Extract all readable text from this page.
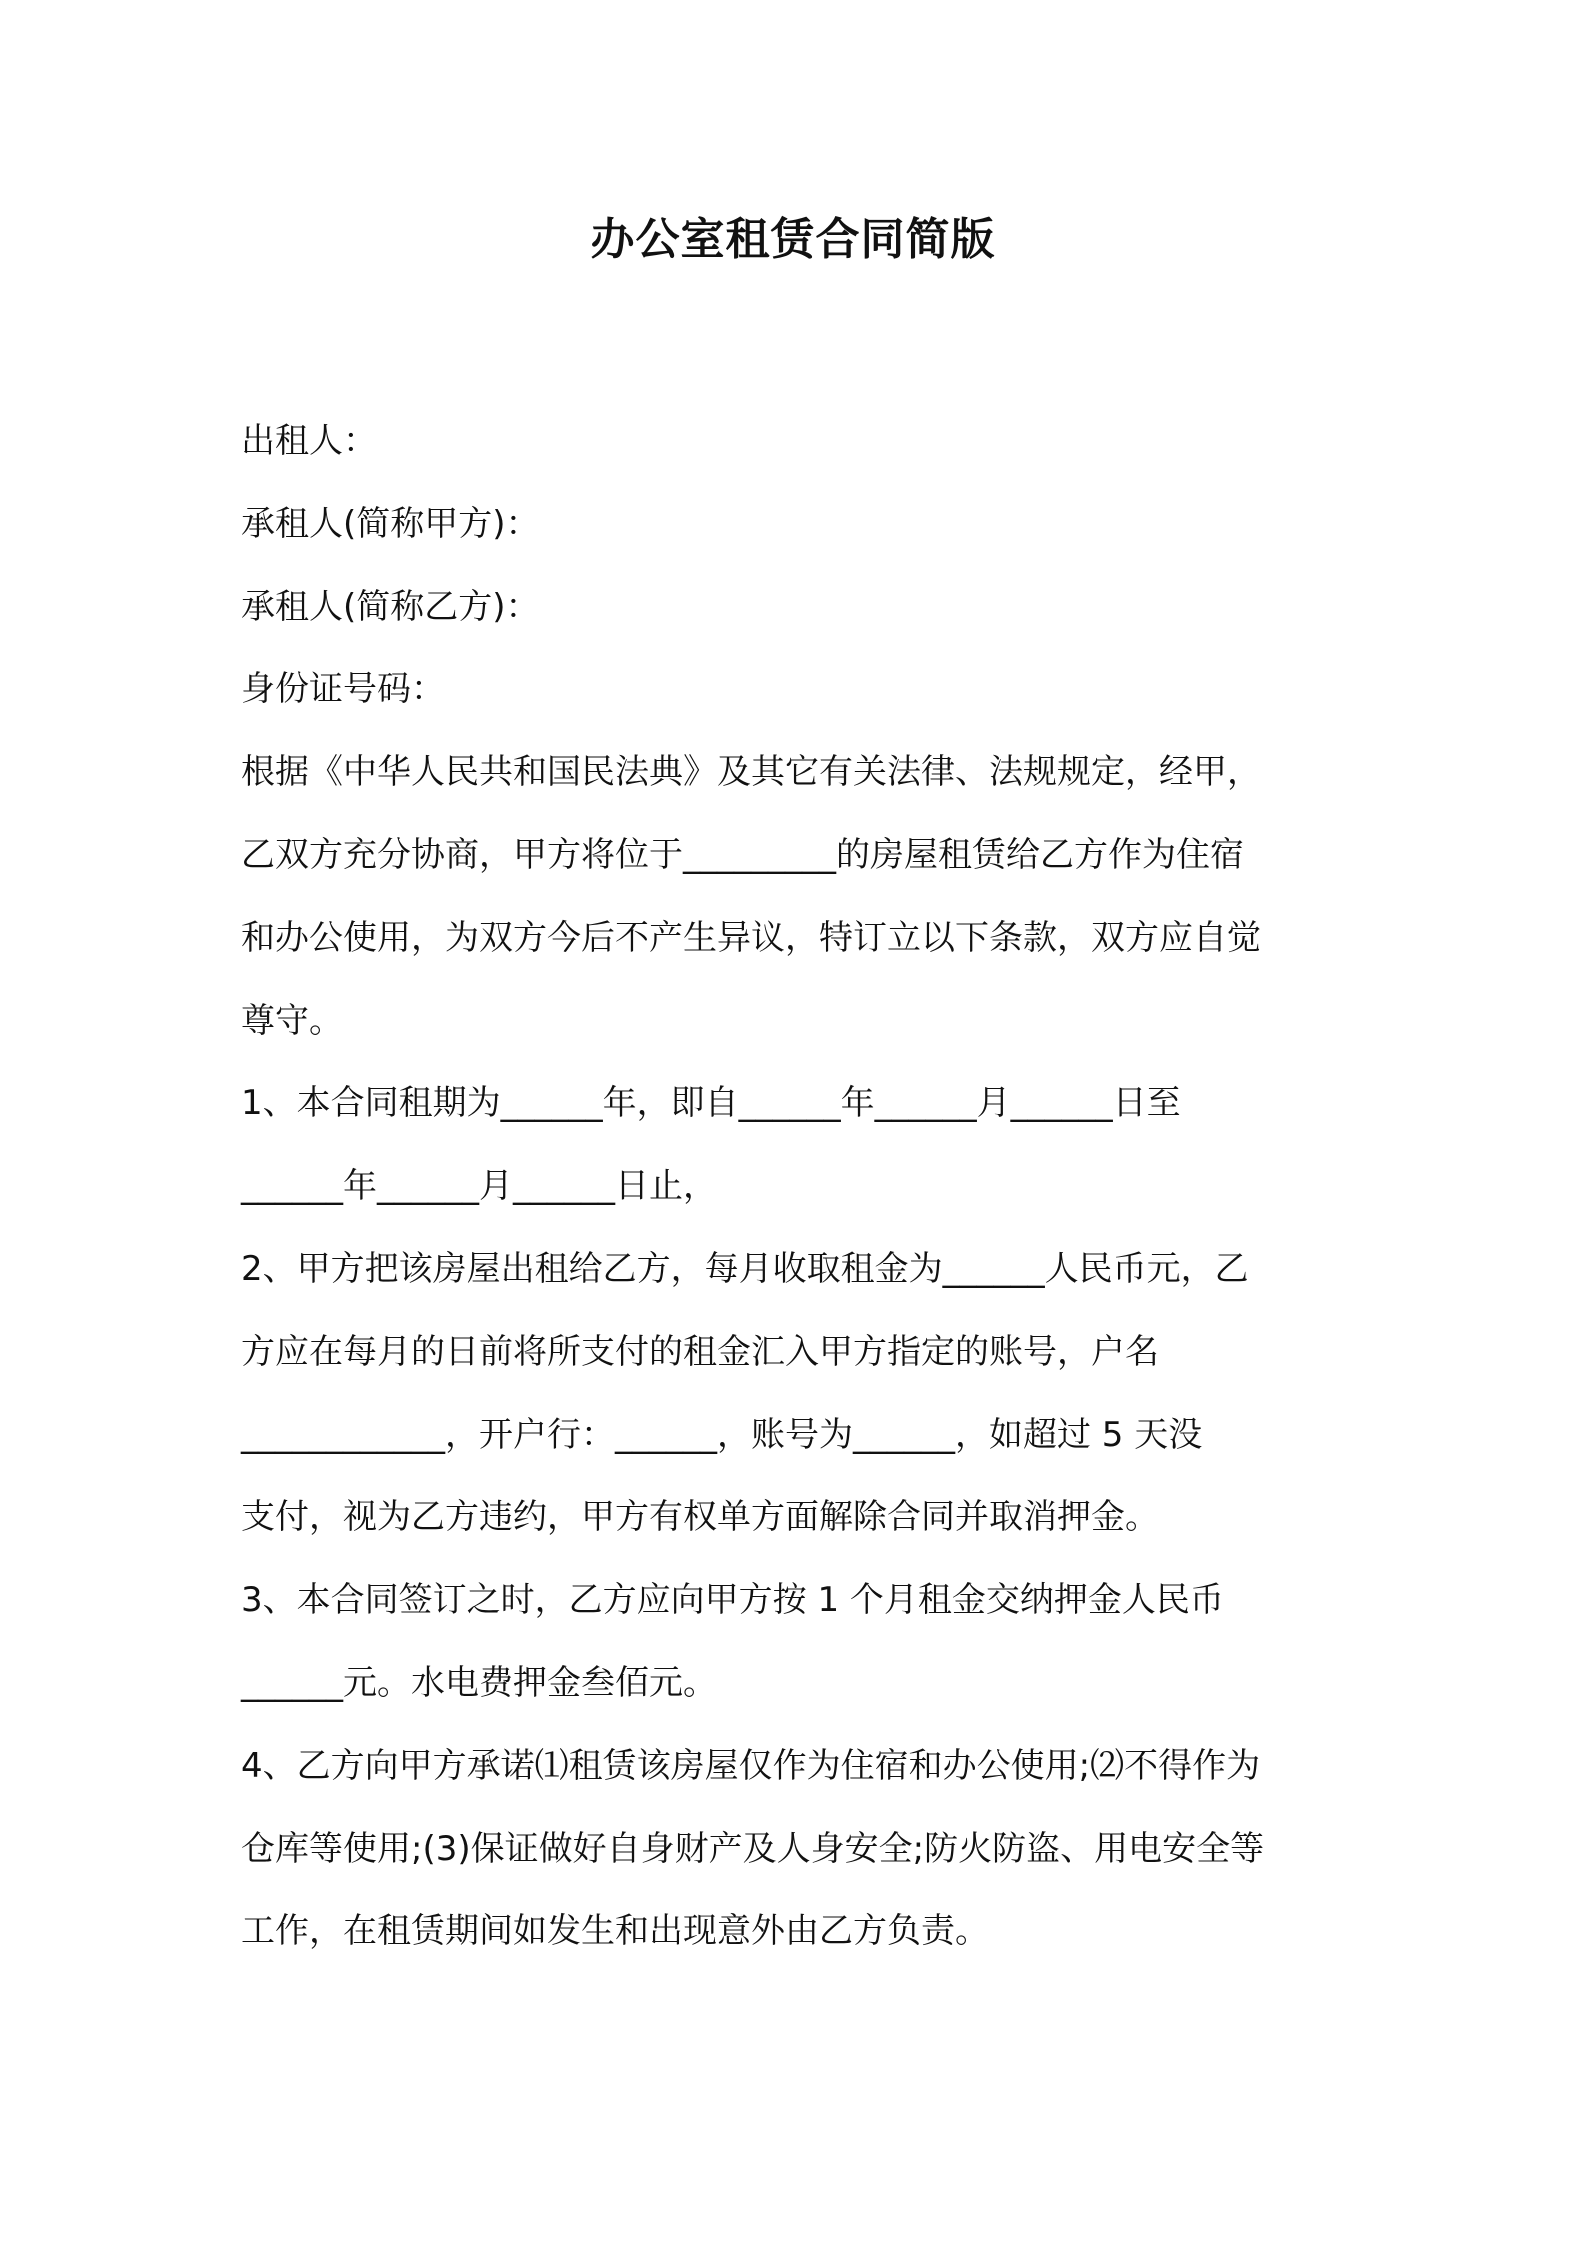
办公室租赁合同简版

出租人：

承租人(简称甲方)：

承租人(简称乙方)：

身份证号码：

根据《中华人民共和国民法典》及其它有关法律、法规规定，经甲，

乙双方充分协商，甲方将位于_________的房屋租赁给乙方作为住宿

和办公使用，为双方今后不产生异议，特订立以下条款，双方应自觉

尊守。

1、本合同租期为______年，即自______年______月______日至

______年______月______日止，

2、甲方把该房屋出租给乙方，每月收取租金为______人民币元，乙

方应在每月的日前将所支付的租金汇入甲方指定的账号，户名

____________，开户行：______，账号为______，如超过 5 天没

支付，视为乙方违约，甲方有权单方面解除合同并取消押金。

3、本合同签订之时，乙方应向甲方按 1 个月租金交纳押金人民币

______元。水电费押金叁佰元。

4、乙方向甲方承诺⑴租赁该房屋仅作为住宿和办公使用;⑵不得作为

仓库等使用;(3)保证做好自身财产及人身安全;防火防盗、用电安全等

工作，在租赁期间如发生和出现意外由乙方负责。
